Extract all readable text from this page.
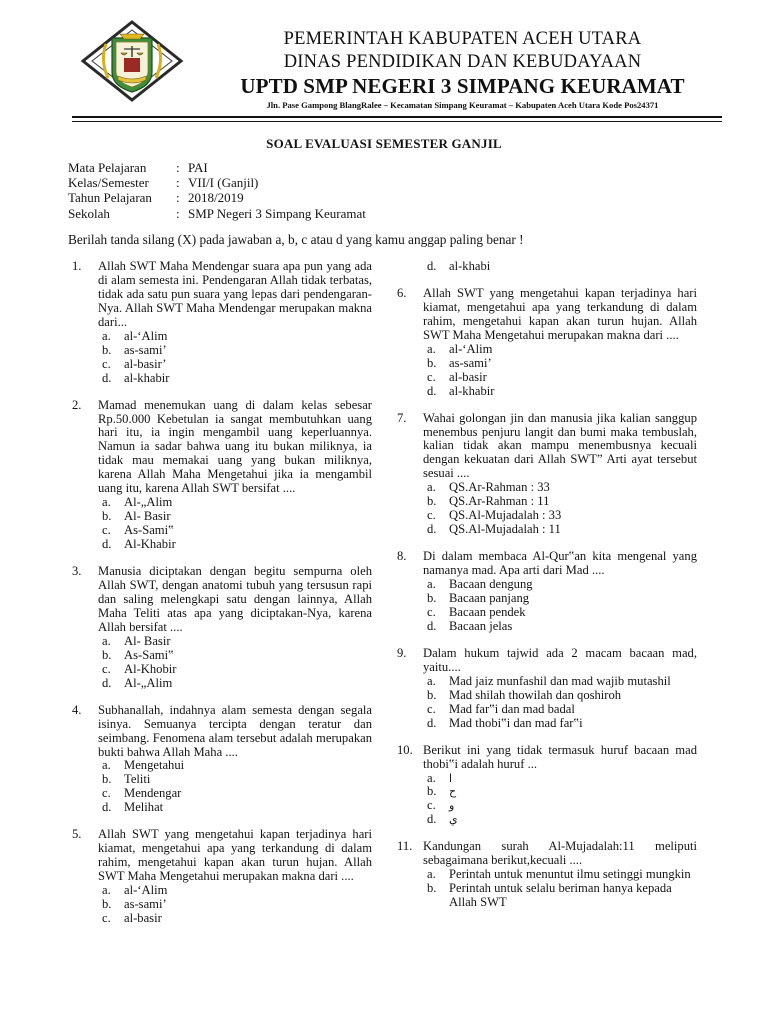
PEMERINTAH KABUPATEN ACEH UTARA
DINAS PENDIDIKAN DAN KEBUDAYAAN
UPTD SMP NEGERI 3 SIMPANG KEURAMAT
Jln. Pase Gampong BlangRalee – Kecamatan Simpang Keuramat – Kabupaten Aceh Utara Kode Pos24371
SOAL EVALUASI SEMESTER GANJIL
Mata Pelajaran : PAI
Kelas/Semester : VII/I (Ganjil)
Tahun Pelajaran : 2018/2019
Sekolah	: SMP Negeri 3 Simpang Keuramat
Berilah tanda silang (X) pada jawaban a, b, c atau d yang kamu anggap paling benar !
1. Allah SWT Maha Mendengar suara apa pun yang ada di alam semesta ini. Pendengaran Allah tidak terbatas, tidak ada satu pun suara yang lepas dari pendengaran-Nya. Allah SWT Maha Mendengar merupakan makna dari...
a. al-‘Alim
b. as-sami’
c. al-basir’
d. al-khabir
2. Mamad menemukan uang di dalam kelas sebesar Rp.50.000 Kebetulan ia sangat membutuhkan uang hari itu, ia ingin mengambil uang keperluannya. Namun ia sadar bahwa uang itu bukan miliknya, ia tidak mau memakai uang yang bukan miliknya, karena Allah Maha Mengetahui jika ia mengambil uang itu, karena Allah SWT bersifat ....
a. Al-„Alim
b. Al- Basir
c. As-Sami‟
d. Al-Khabir
3. Manusia diciptakan dengan begitu sempurna oleh Allah SWT, dengan anatomi tubuh yang tersusun rapi dan saling melengkapi satu dengan lainnya, Allah Maha Teliti atas apa yang diciptakan-Nya, karena Allah bersifat ....
a. Al- Basir
b. As-Sami‟
c. Al-Khobir
d. Al-„Alim
4. Subhanallah, indahnya alam semesta dengan segala isinya. Semuanya tercipta dengan teratur dan seimbang. Fenomena alam tersebut adalah merupakan bukti bahwa Allah Maha ....
a. Mengetahui
b. Teliti
c. Mendengar
d. Melihat
5. Allah SWT yang mengetahui kapan terjadinya hari kiamat, mengetahui apa yang terkandung di dalam rahim, mengetahui kapan akan turun hujan. Allah SWT Maha Mengetahui merupakan makna dari ....
a. al-‘Alim
b. as-sami’
c. al-basir
d. al-khabi
6. Allah SWT yang mengetahui kapan terjadinya hari kiamat, mengetahui apa yang terkandung di dalam rahim, mengetahui kapan akan turun hujan. Allah SWT Maha Mengetahui merupakan makna dari ....
a. al-‘Alim
b. as-sami’
c. al-basir
d. al-khabir
7. Wahai golongan jin dan manusia jika kalian sanggup menembus penjuru langit dan bumi maka tembuslah, kalian tidak akan mampu menembusnya kecuali dengan kekuatan dari Allah SWT” Arti ayat tersebut sesuai ....
a. QS.Ar-Rahman : 33
b. QS.Ar-Rahman : 11
c. QS.Al-Mujadalah : 33
d. QS.Al-Mujadalah : 11
8. Di dalam membaca Al-Qur‟an kita mengenal yang namanya mad. Apa arti dari Mad ....
a. Bacaan dengung
b. Bacaan panjang
c. Bacaan pendek
d. Bacaan jelas
9. Dalam hukum tajwid ada 2 macam bacaan mad, yaitu....
a. Mad jaiz munfashil dan mad wajib mutashil
b. Mad shilah thowilah dan qoshiroh
c. Mad far‟i dan mad badal
d. Mad thobi‟i dan mad far‟i
10. Berikut ini yang tidak termasuk huruf bacaan mad thobi‟i adalah huruf ...
a. ا
b. ح
c. و
d. ي
11. Kandungan surah Al-Mujadalah:11 meliputi sebagaimana berikut,kecuali ....
a. Perintah untuk menuntut ilmu setinggi mungkin
b. Perintah untuk selalu beriman hanya kepada Allah SWT
